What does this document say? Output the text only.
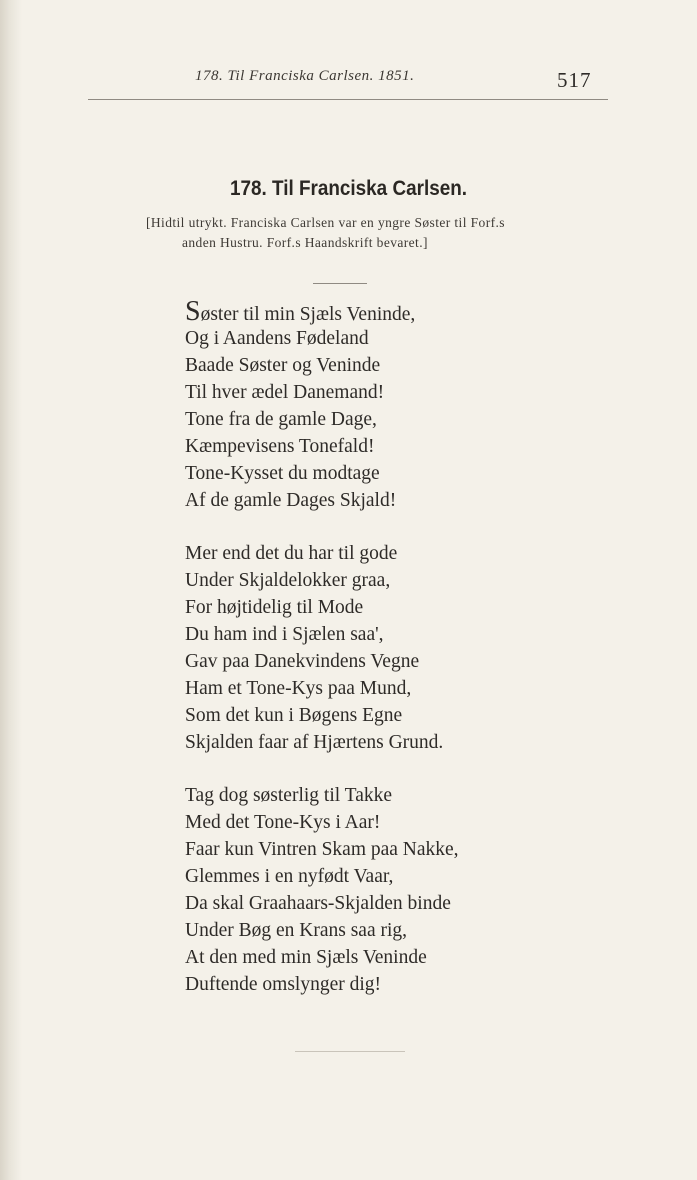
178. Til Franciska Carlsen. 1851.	517
178. Til Franciska Carlsen.
[Hidtil utrykt. Franciska Carlsen var en yngre Søster til Forf.s
anden Hustru. Forf.s Haandskrift bevaret.]
Søster til min Sjæls Veninde,
Og i Aandens Fødeland
Baade Søster og Veninde
Til hver ædel Danemand!
Tone fra de gamle Dage,
Kæmpevisens Tonefald!
Tone-Kysset du modtage
Af de gamle Dages Skjald!
Mer end det du har til gode
Under Skjaldelokker graa,
For højtidelig til Mode
Du ham ind i Sjælen saa',
Gav paa Danekvindens Vegne
Ham et Tone-Kys paa Mund,
Som det kun i Bøgens Egne
Skjalden faar af Hjærtens Grund.
Tag dog søsterlig til Takke
Med det Tone-Kys i Aar!
Faar kun Vintren Skam paa Nakke,
Glemmes i en nyfødt Vaar,
Da skal Graahaars-Skjalden binde
Under Bøg en Krans saa rig,
At den med min Sjæls Veninde
Duftende omslynger dig!
